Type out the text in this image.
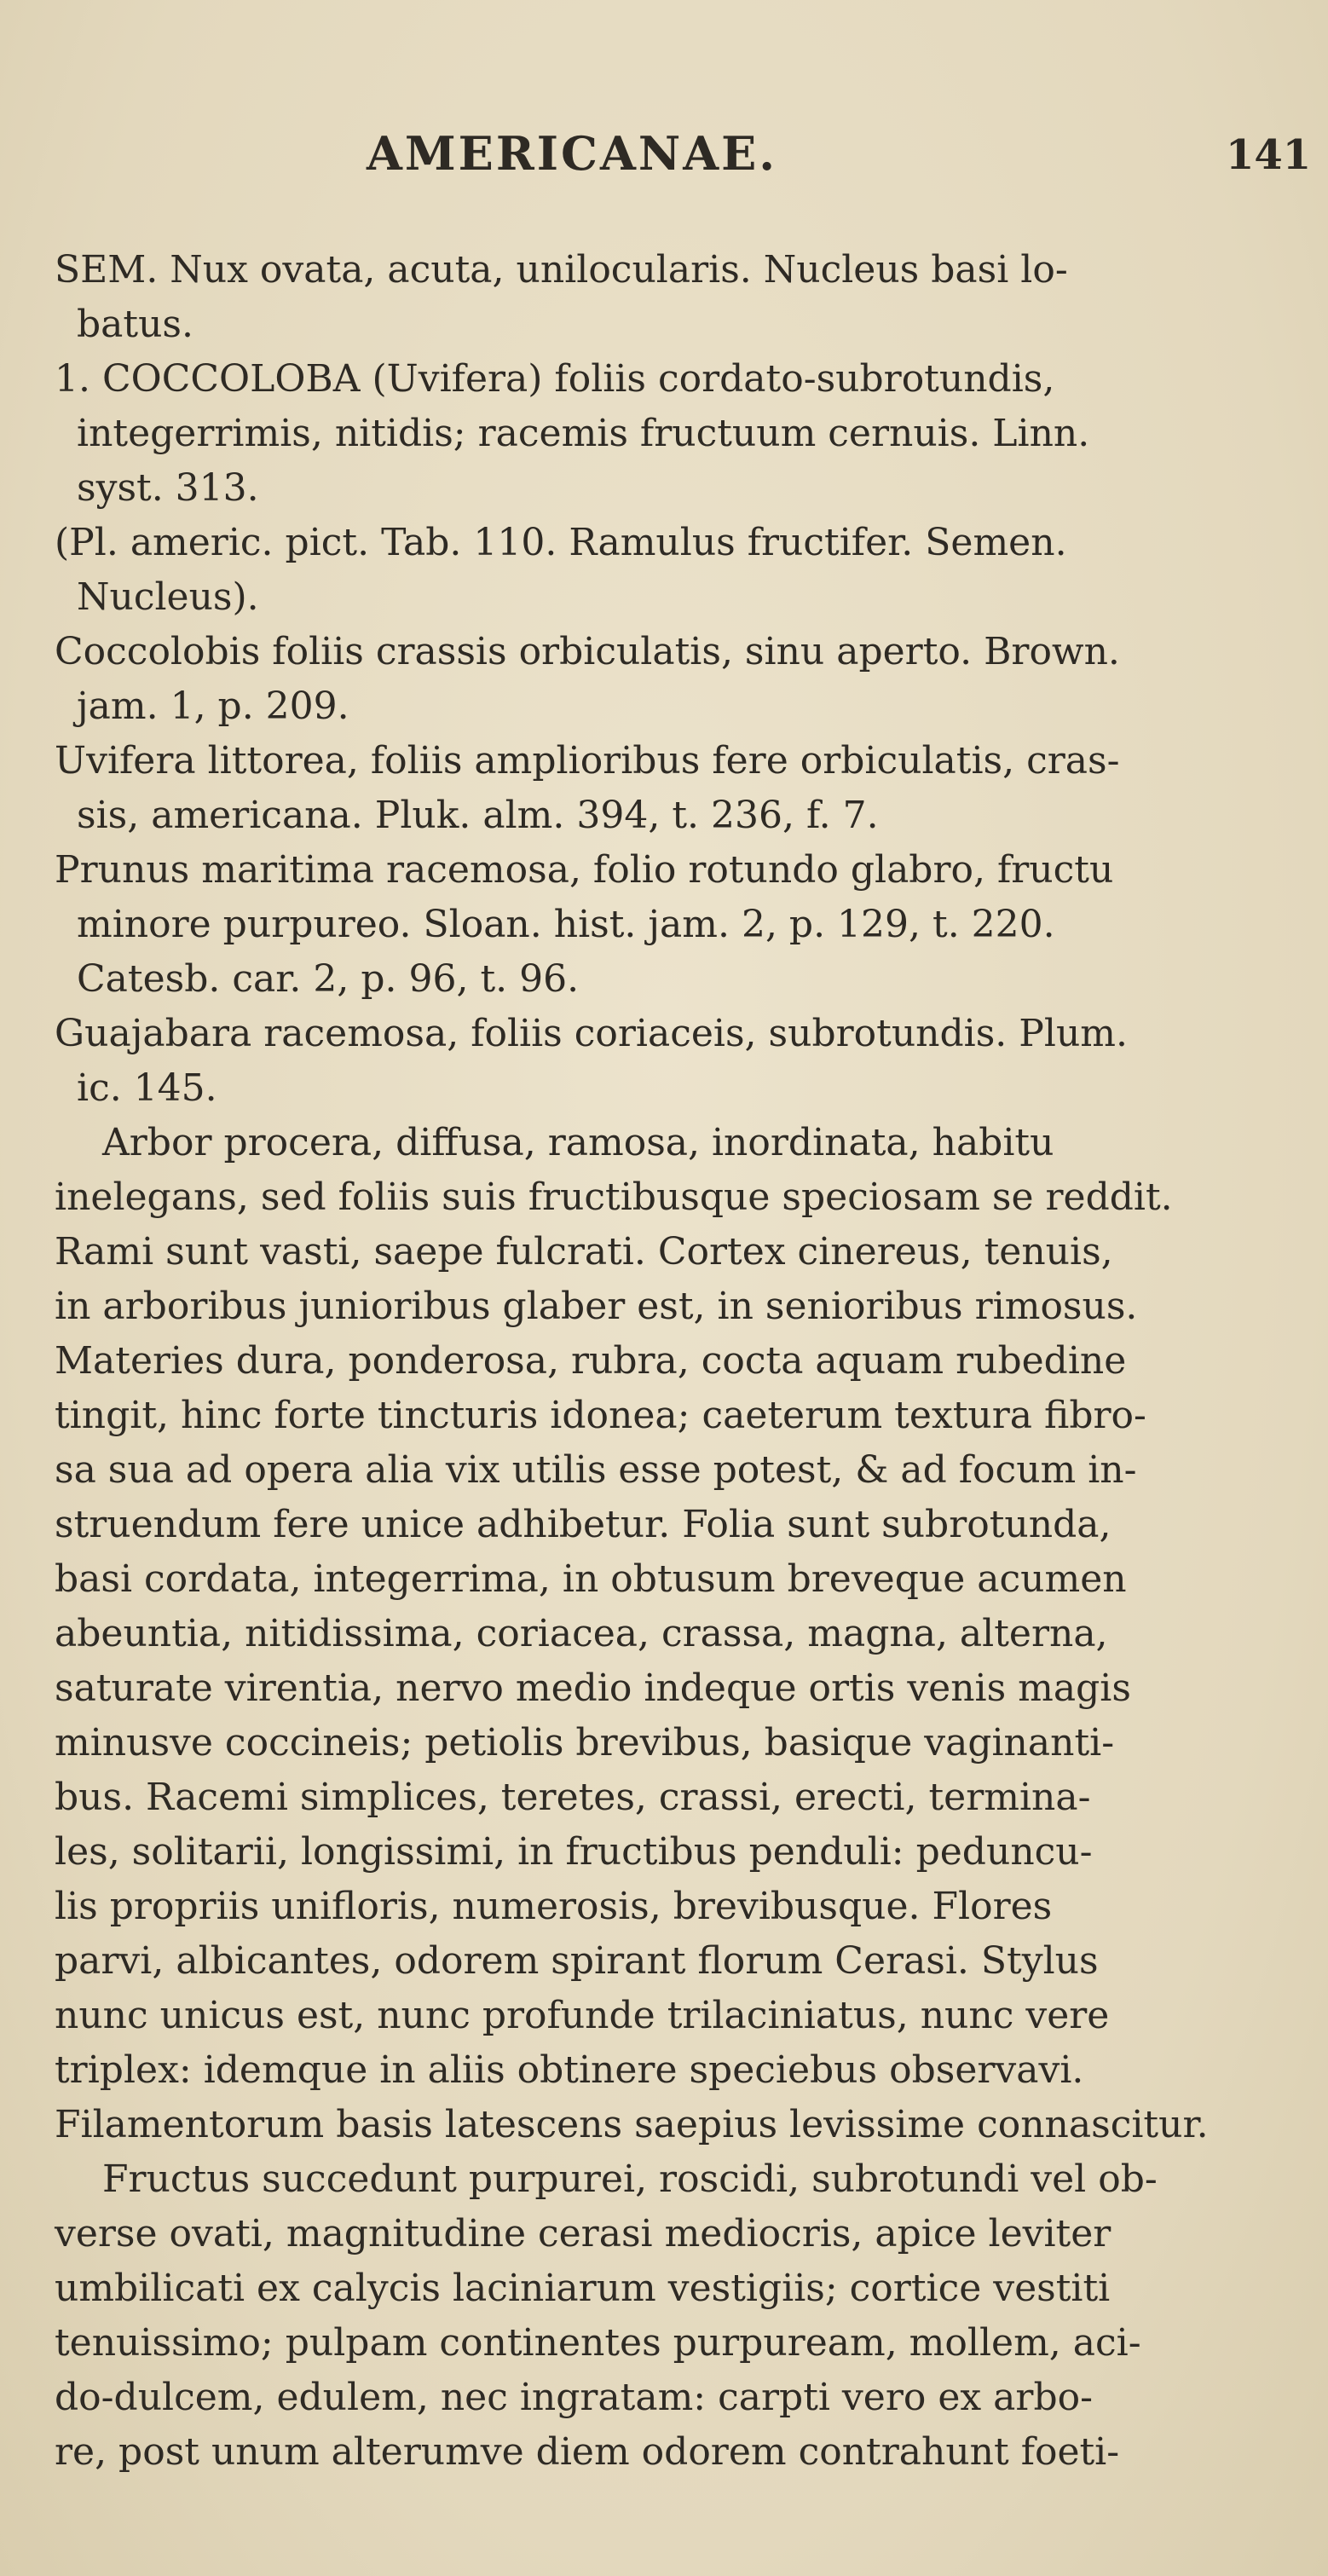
AMERICANAE.	141
SEM. Nux ovata, acuta, unilocularis. Nucleus basi lo-
batus.
1. COCCOLOBA (Uvifera) foliis cordato-subrotundis,
integerrimis, nitidis; racemis fructuum cernuis. Linn.
syst. 313.
(Pl. americ. pict. Tab. 110. Ramulus fructifer. Semen.
Nucleus).
Coccolobis foliis crassis orbiculatis, sinu aperto. Brown.
jam. 1, p. 209.
Uvifera littorea, foliis amplioribus fere orbiculatis, cras-
sis, americana. Pluk. alm. 394, t. 236, f. 7.
Prunus maritima racemosa, folio rotundo glabro, fructu
minore purpureo. Sloan. hist. jam. 2, p. 129, t. 220.
Catesb. car. 2, p. 96, t. 96.
Guajabara racemosa, foliis coriaceis, subrotundis. Plum.
ic. 145.
Arbor procera, diffusa, ramosa, inordinata, habitu
inelegans, sed foliis suis fructibusque speciosam se reddit.
Rami sunt vasti, saepe fulcrati. Cortex cinereus, tenuis,
in arboribus junioribus glaber est, in senioribus rimosus.
Materies dura, ponderosa, rubra, cocta aquam rubedine
tingit, hinc forte tincturis idonea; caeterum textura fibro-
sa sua ad opera alia vix utilis esse potest, & ad focum in-
struendum fere unice adhibetur. Folia sunt subrotunda,
basi cordata, integerrima, in obtusum breveque acumen
abeuntia, nitidissima, coriacea, crassa, magna, alterna,
saturate virentia, nervo medio indeque ortis venis magis
minusve coccineis; petiolis brevibus, basique vaginanti-
bus. Racemi simplices, teretes, crassi, erecti, termina-
les, solitarii, longissimi, in fructibus penduli: peduncu-
lis propriis unifloris, numerosis, brevibusque. Flores
parvi, albicantes, odorem spirant florum Cerasi. Stylus
nunc unicus est, nunc profunde trilaciniatus, nunc vere
triplex: idemque in aliis obtinere speciebus observavi.
Filamentorum basis latescens saepius levissime connascitur.
Fructus succedunt purpurei, roscidi, subrotundi vel ob-
verse ovati, magnitudine cerasi mediocris, apice leviter
umbilicati ex calycis laciniarum vestigiis; cortice vestiti
tenuissimo; pulpam continentes purpuream, mollem, aci-
do-dulcem, edulem, nec ingratam: carpti vero ex arbo-
re, post unum alterumve diem odorem contrahunt foeti-
